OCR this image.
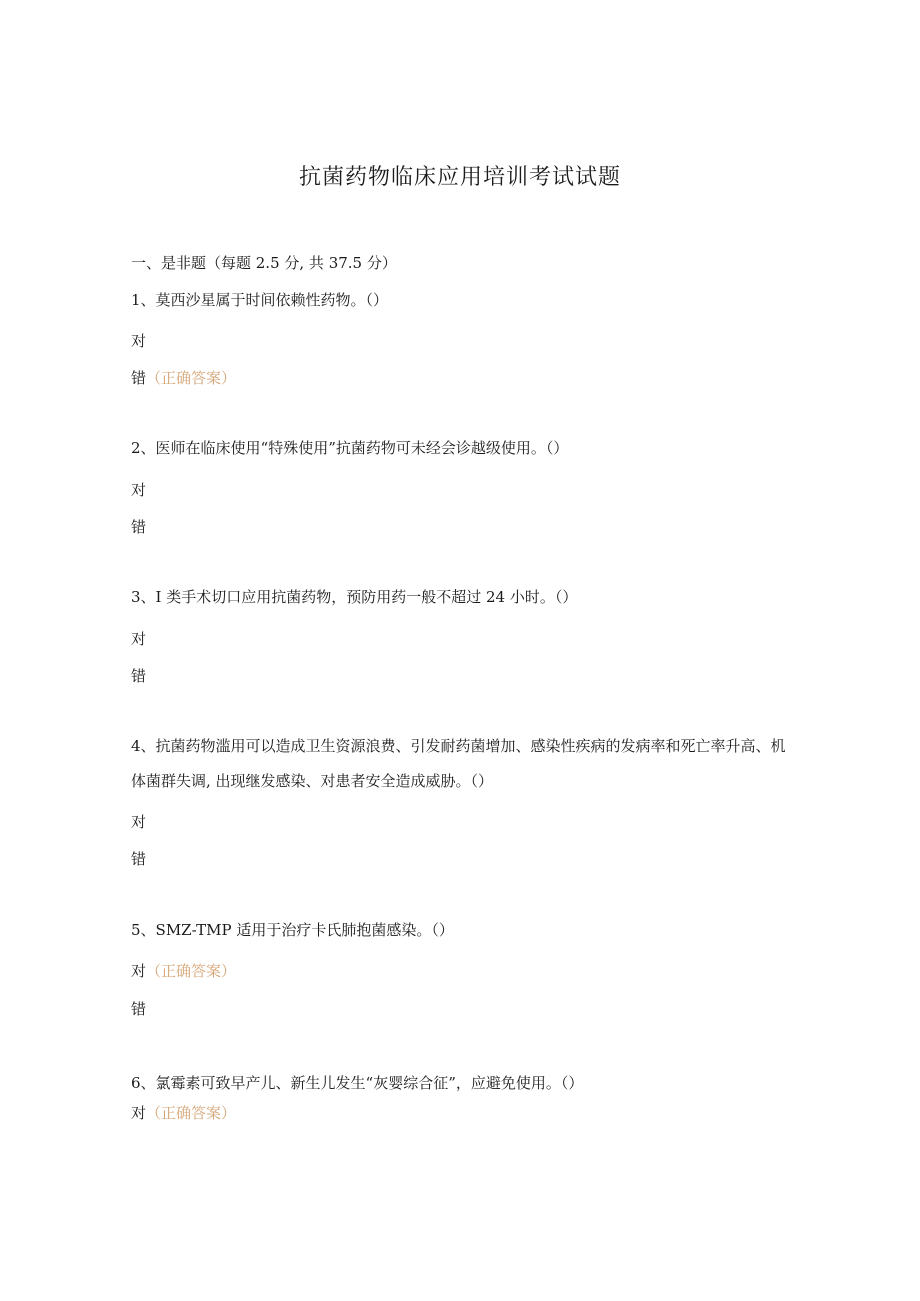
抗菌药物临床应用培训考试试题
一、是非题（每题 2.5 分, 共 37.5 分）
1、莫西沙星属于时间依赖性药物。（）
对
错（正确答案）
2、医师在临床使用“特殊使用”抗菌药物可未经会诊越级使用。（）
对
错
3、I 类手术切口应用抗菌药物，预防用药一般不超过 24 小时。（）
对
错
4、抗菌药物滥用可以造成卫生资源浪费、引发耐药菌增加、感染性疾病的发病率和死亡率升高、机体菌群失调, 出现继发感染、对患者安全造成威胁。（）
对
错
5、SMZ-TMP 适用于治疗卡氏肺抱菌感染。（）
对（正确答案）
错
6、氯霉素可致早产儿、新生儿发生“灰婴综合征”，应避免使用。（）
对（正确答案）
